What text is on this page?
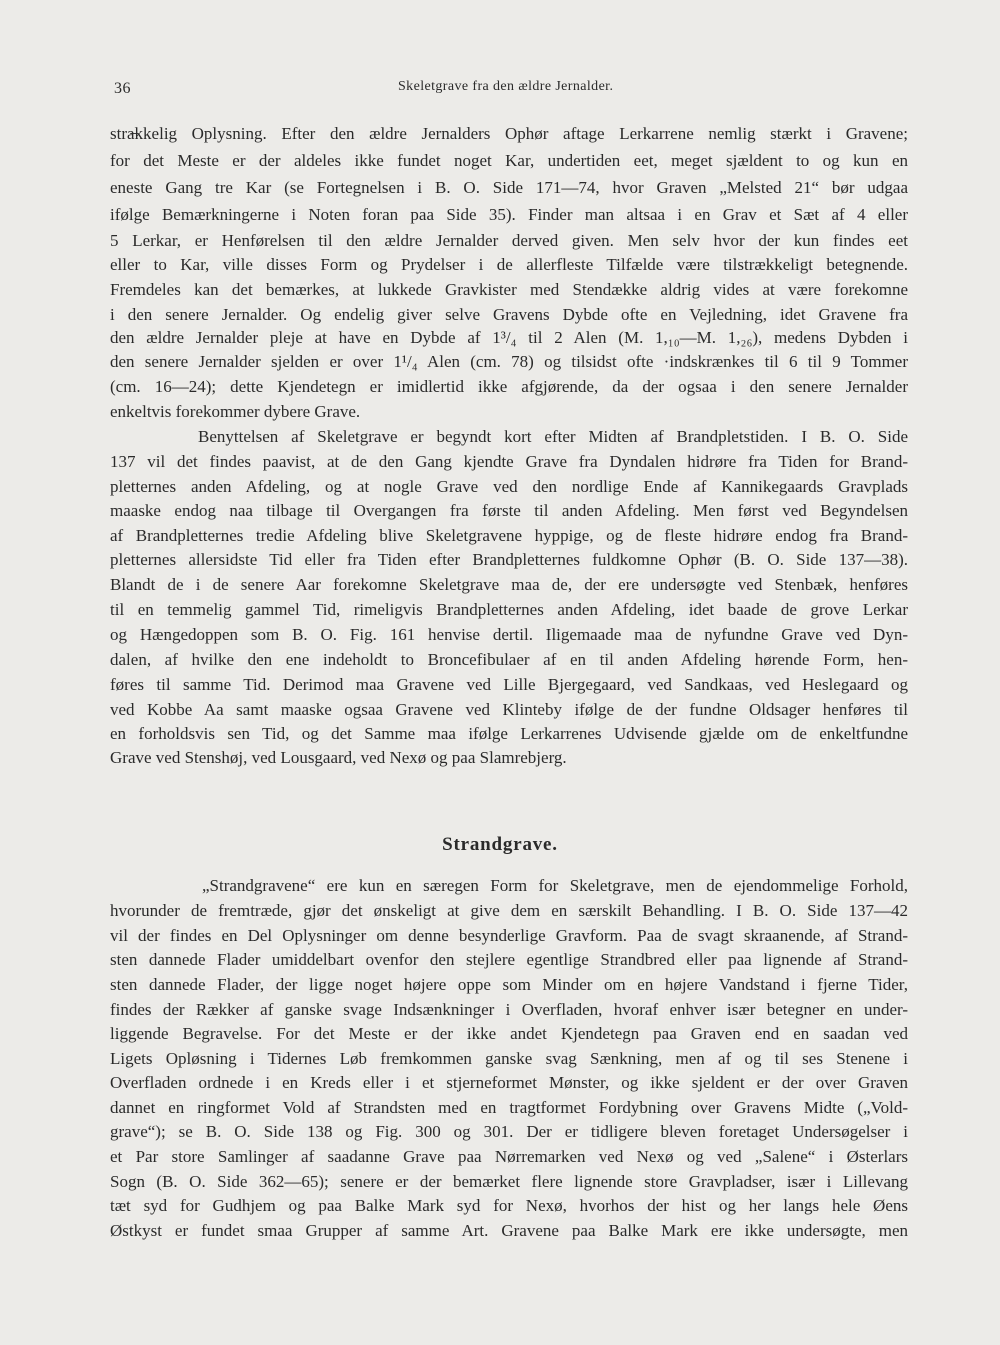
36	Skeletgrave fra den ældre Jernalder.
stra̶kkelig Oplysning. Efter den ældre Jernalders Ophør aftage Lerkarrene nemlig stærkt i Gravene;
for det Meste er der aldeles ikke fundet noget Kar, undertiden eet, meget sjældent to og kun en
eneste Gang tre Kar (se Fortegnelsen i B. O. Side 171—74, hvor Graven „Melsted 21“ bør udgaa
ifølge Bemærkningerne i Noten foran paa Side 35). Finder man altsaa i en Grav et Sæt af 4 eller
5 Lerkar, er Henførelsen til den ældre Jernalder derved given. Men selv hvor der kun findes eet
eller to Kar, ville disses Form og Prydelser i de allerfleste Tilfælde være tilstrækkeligt betegnende.
Fremdeles kan det bemærkes, at lukkede Gravkister med Stendække aldrig vides at være forekomne
i den senere Jernalder. Og endelig giver selve Gravens Dybde ofte en Vejledning, idet Gravene fra
den ældre Jernalder pleje at have en Dybde af 1³/₄ til 2 Alen (M. 1,₁₀—M. 1,₂₆), medens Dybden i
den senere Jernalder sjelden er over 1¹/₄ Alen (cm. 78) og tilsidst ofte ·indskrænkes til 6 til 9 Tommer
(cm. 16—24); dette Kjendetegn er imidlertid ikke afgjørende, da der ogsaa i den senere Jernalder
enkeltvis forekommer dybere Grave.
Benyttelsen af Skeletgrave er begyndt kort efter Midten af Brandpletstiden. I B. O. Side
137 vil det findes paavist, at de den Gang kjendte Grave fra Dyndalen hidrøre fra Tiden for Brand-
pletternes anden Afdeling, og at nogle Grave ved den nordlige Ende af Kannikegaards Gravplads
maaske endog naa tilbage til Overgangen fra første til anden Afdeling. Men først ved Begyndelsen
af Brandpletternes tredie Afdeling blive Skeletgravene hyppige, og de fleste hidrøre endog fra Brand-
pletternes allersidste Tid eller fra Tiden efter Brandpletternes fuldkomne Ophør (B. O. Side 137—38).
Blandt de i de senere Aar forekomne Skeletgrave maa de, der ere undersøgte ved Stenbæk, henføres
til en temmelig gammel Tid, rimeligvis Brandpletternes anden Afdeling, idet baade de grove Lerkar
og Hængedoppen som B. O. Fig. 161 henvise dertil. Iligemaade maa de nyfundne Grave ved Dyn-
dalen, af hvilke den ene indeholdt to Broncefibulaer af en til anden Afdeling hørende Form, hen-
føres til samme Tid. Derimod maa Gravene ved Lille Bjergegaard, ved Sandkaas, ved Heslegaard og
ved Kobbe Aa samt maaske ogsaa Gravene ved Klinteby ifølge de der fundne Oldsager henføres til
en forholdsvis sen Tid, og det Samme maa ifølge Lerkarrenes Udvisende gjælde om de enkeltfundne
Grave ved Stenshøj, ved Lousgaard, ved Nexø og paa Slamrebjerg.
Strandgrave.
„Strandgravene“ ere kun en særegen Form for Skeletgrave, men de ejendommelige Forhold,
hvorunder de fremtræde, gjør det ønskeligt at give dem en særskilt Behandling. I B. O. Side 137—42
vil der findes en Del Oplysninger om denne besynderlige Gravform. Paa de svagt skraanende, af Strand-
sten dannede Flader umiddelbart ovenfor den stejlere egentlige Strandbred eller paa lignende af Strand-
sten dannede Flader, der ligge noget højere oppe som Minder om en højere Vandstand i fjerne Tider,
findes der Rækker af ganske svage Indsænkninger i Overfladen, hvoraf enhver især betegner en under-
liggende Begravelse. For det Meste er der ikke andet Kjendetegn paa Graven end en saadan ved
Ligets Opløsning i Tidernes Løb fremkommen ganske svag Sænkning, men af og til ses Stenene i
Overfladen ordnede i en Kreds eller i et stjerneformet Mønster, og ikke sjeldent er der over Graven
dannet en ringformet Vold af Strandsten med en tragtformet Fordybning over Gravens Midte („Vold-
grave“); se B. O. Side 138 og Fig. 300 og 301. Der er tidligere bleven foretaget Undersøgelser i
et Par store Samlinger af saadanne Grave paa Nørremarken ved Nexø og ved „Salene“ i Østerlars
Sogn (B. O. Side 362—65); senere er der bemærket flere lignende store Gravpladser, især i Lillevang
tæt syd for Gudhjem og paa Balke Mark syd for Nexø, hvorhos der hist og her langs hele Øens
Østkyst er fundet smaa Grupper af samme Art. Gravene paa Balke Mark ere ikke undersøgte, men
